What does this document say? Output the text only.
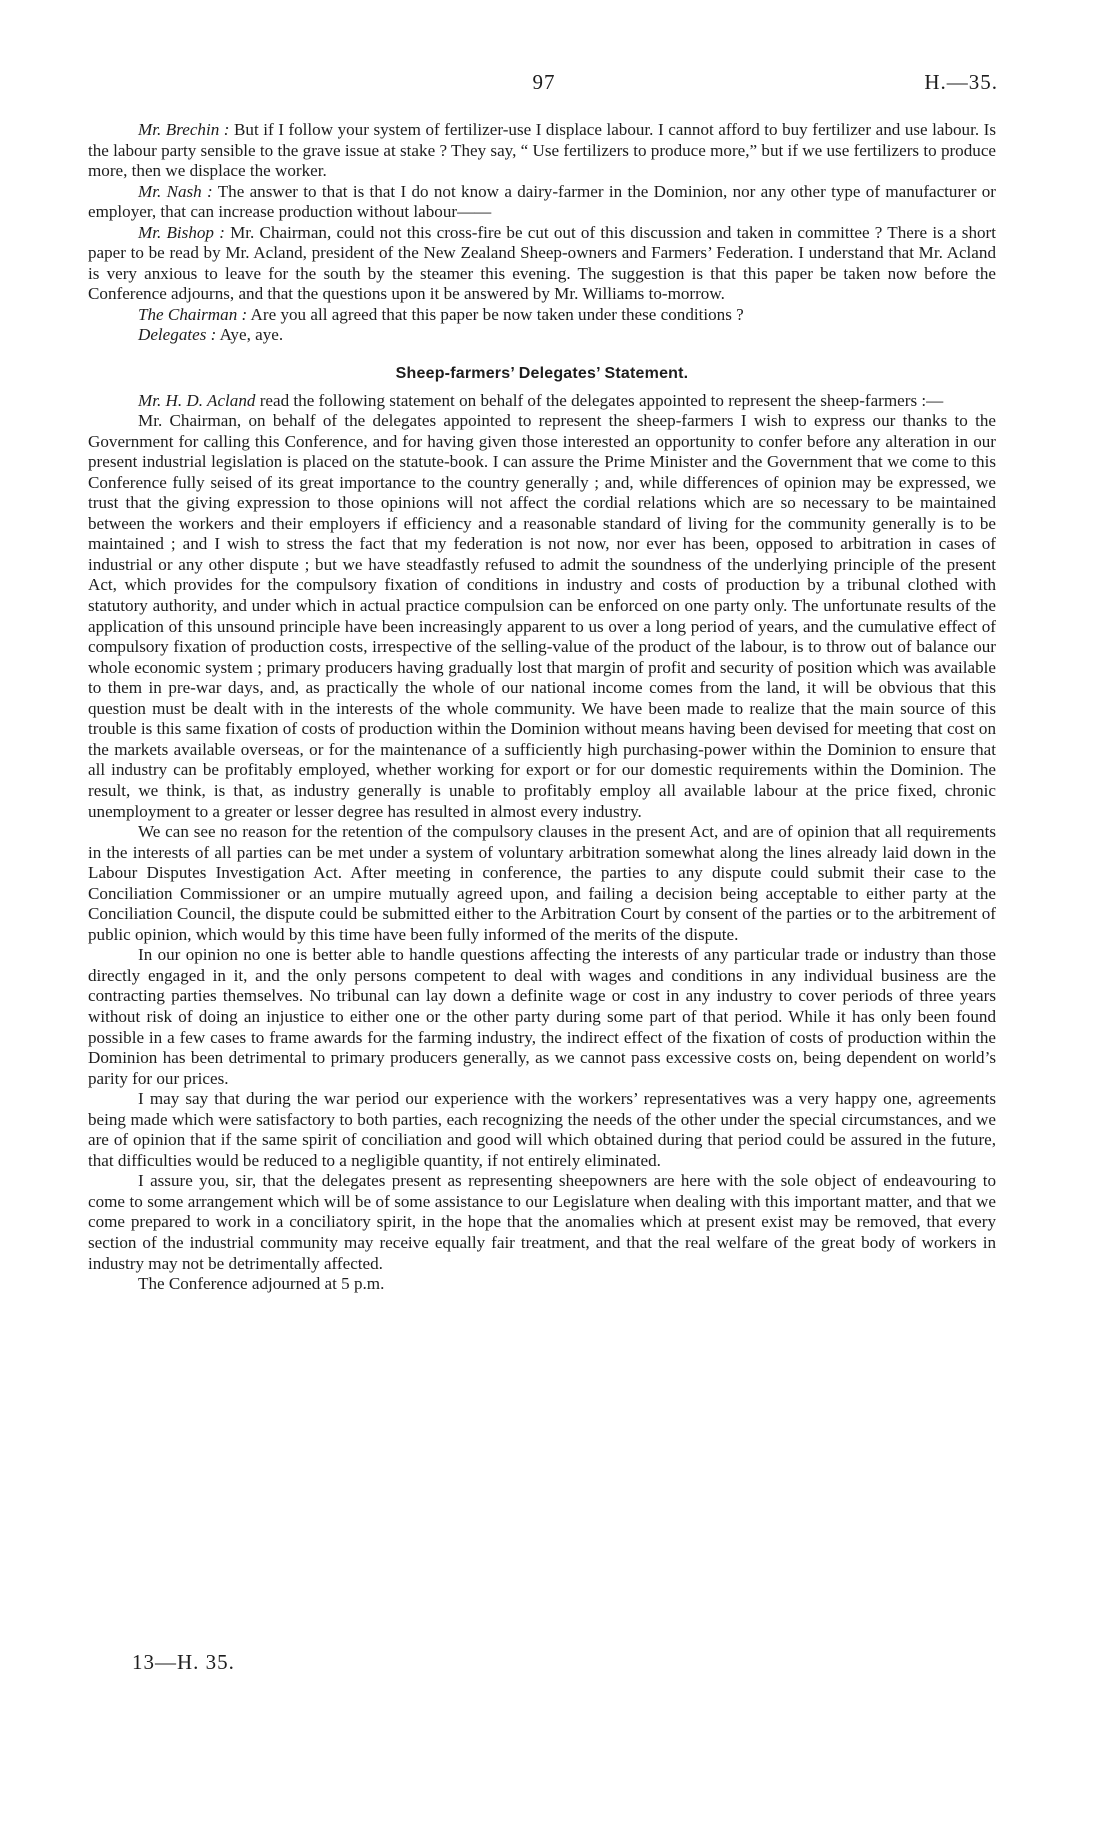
97	H.—35.

Mr. Brechin : But if I follow your system of fertilizer-use I displace labour. I cannot afford to buy fertilizer and use labour. Is the labour party sensible to the grave issue at stake ? They say, “ Use fertilizers to produce more,” but if we use fertilizers to produce more, then we displace the worker.

Mr. Nash : The answer to that is that I do not know a dairy-farmer in the Dominion, nor any other type of manufacturer or employer, that can increase production without labour——

Mr. Bishop : Mr. Chairman, could not this cross-fire be cut out of this discussion and taken in committee ? There is a short paper to be read by Mr. Acland, president of the New Zealand Sheep-owners and Farmers’ Federation. I understand that Mr. Acland is very anxious to leave for the south by the steamer this evening. The suggestion is that this paper be taken now before the Conference adjourns, and that the questions upon it be answered by Mr. Williams to-morrow.

The Chairman : Are you all agreed that this paper be now taken under these conditions ?

Delegates : Aye, aye.

Sheep-farmers’ Delegates’ Statement.

Mr. H. D. Acland read the following statement on behalf of the delegates appointed to represent the sheep-farmers :—

Mr. Chairman, on behalf of the delegates appointed to represent the sheep-farmers I wish to express our thanks to the Government for calling this Conference, and for having given those interested an opportunity to confer before any alteration in our present industrial legislation is placed on the statute-book. I can assure the Prime Minister and the Government that we come to this Conference fully seised of its great importance to the country generally ; and, while differences of opinion may be expressed, we trust that the giving expression to those opinions will not affect the cordial relations which are so necessary to be maintained between the workers and their employers if efficiency and a reasonable standard of living for the community generally is to be maintained ; and I wish to stress the fact that my federation is not now, nor ever has been, opposed to arbitration in cases of industrial or any other dispute ; but we have steadfastly refused to admit the soundness of the underlying principle of the present Act, which provides for the compulsory fixation of conditions in industry and costs of production by a tribunal clothed with statutory authority, and under which in actual practice compulsion can be enforced on one party only. The unfortunate results of the application of this unsound principle have been increasingly apparent to us over a long period of years, and the cumulative effect of compulsory fixation of production costs, irrespective of the selling-value of the product of the labour, is to throw out of balance our whole economic system ; primary producers having gradually lost that margin of profit and security of position which was available to them in pre-war days, and, as practically the whole of our national income comes from the land, it will be obvious that this question must be dealt with in the interests of the whole community. We have been made to realize that the main source of this trouble is this same fixation of costs of production within the Dominion without means having been devised for meeting that cost on the markets available overseas, or for the maintenance of a sufficiently high purchasing-power within the Dominion to ensure that all industry can be profitably employed, whether working for export or for our domestic requirements within the Dominion. The result, we think, is that, as industry generally is unable to profitably employ all available labour at the price fixed, chronic unemployment to a greater or lesser degree has resulted in almost every industry.

We can see no reason for the retention of the compulsory clauses in the present Act, and are of opinion that all requirements in the interests of all parties can be met under a system of voluntary arbitration somewhat along the lines already laid down in the Labour Disputes Investigation Act. After meeting in conference, the parties to any dispute could submit their case to the Conciliation Commissioner or an umpire mutually agreed upon, and failing a decision being acceptable to either party at the Conciliation Council, the dispute could be submitted either to the Arbitration Court by consent of the parties or to the arbitrement of public opinion, which would by this time have been fully informed of the merits of the dispute.

In our opinion no one is better able to handle questions affecting the interests of any particular trade or industry than those directly engaged in it, and the only persons competent to deal with wages and conditions in any individual business are the contracting parties themselves. No tribunal can lay down a definite wage or cost in any industry to cover periods of three years without risk of doing an injustice to either one or the other party during some part of that period. While it has only been found possible in a few cases to frame awards for the farming industry, the indirect effect of the fixation of costs of production within the Dominion has been detrimental to primary producers generally, as we cannot pass excessive costs on, being dependent on world’s parity for our prices.

I may say that during the war period our experience with the workers’ representatives was a very happy one, agreements being made which were satisfactory to both parties, each recognizing the needs of the other under the special circumstances, and we are of opinion that if the same spirit of conciliation and good will which obtained during that period could be assured in the future, that difficulties would be reduced to a negligible quantity, if not entirely eliminated.

I assure you, sir, that the delegates present as representing sheepowners are here with the sole object of endeavouring to come to some arrangement which will be of some assistance to our Legislature when dealing with this important matter, and that we come prepared to work in a conciliatory spirit, in the hope that the anomalies which at present exist may be removed, that every section of the industrial community may receive equally fair treatment, and that the real welfare of the great body of workers in industry may not be detrimentally affected.

The Conference adjourned at 5 p.m.

13—H. 35.
